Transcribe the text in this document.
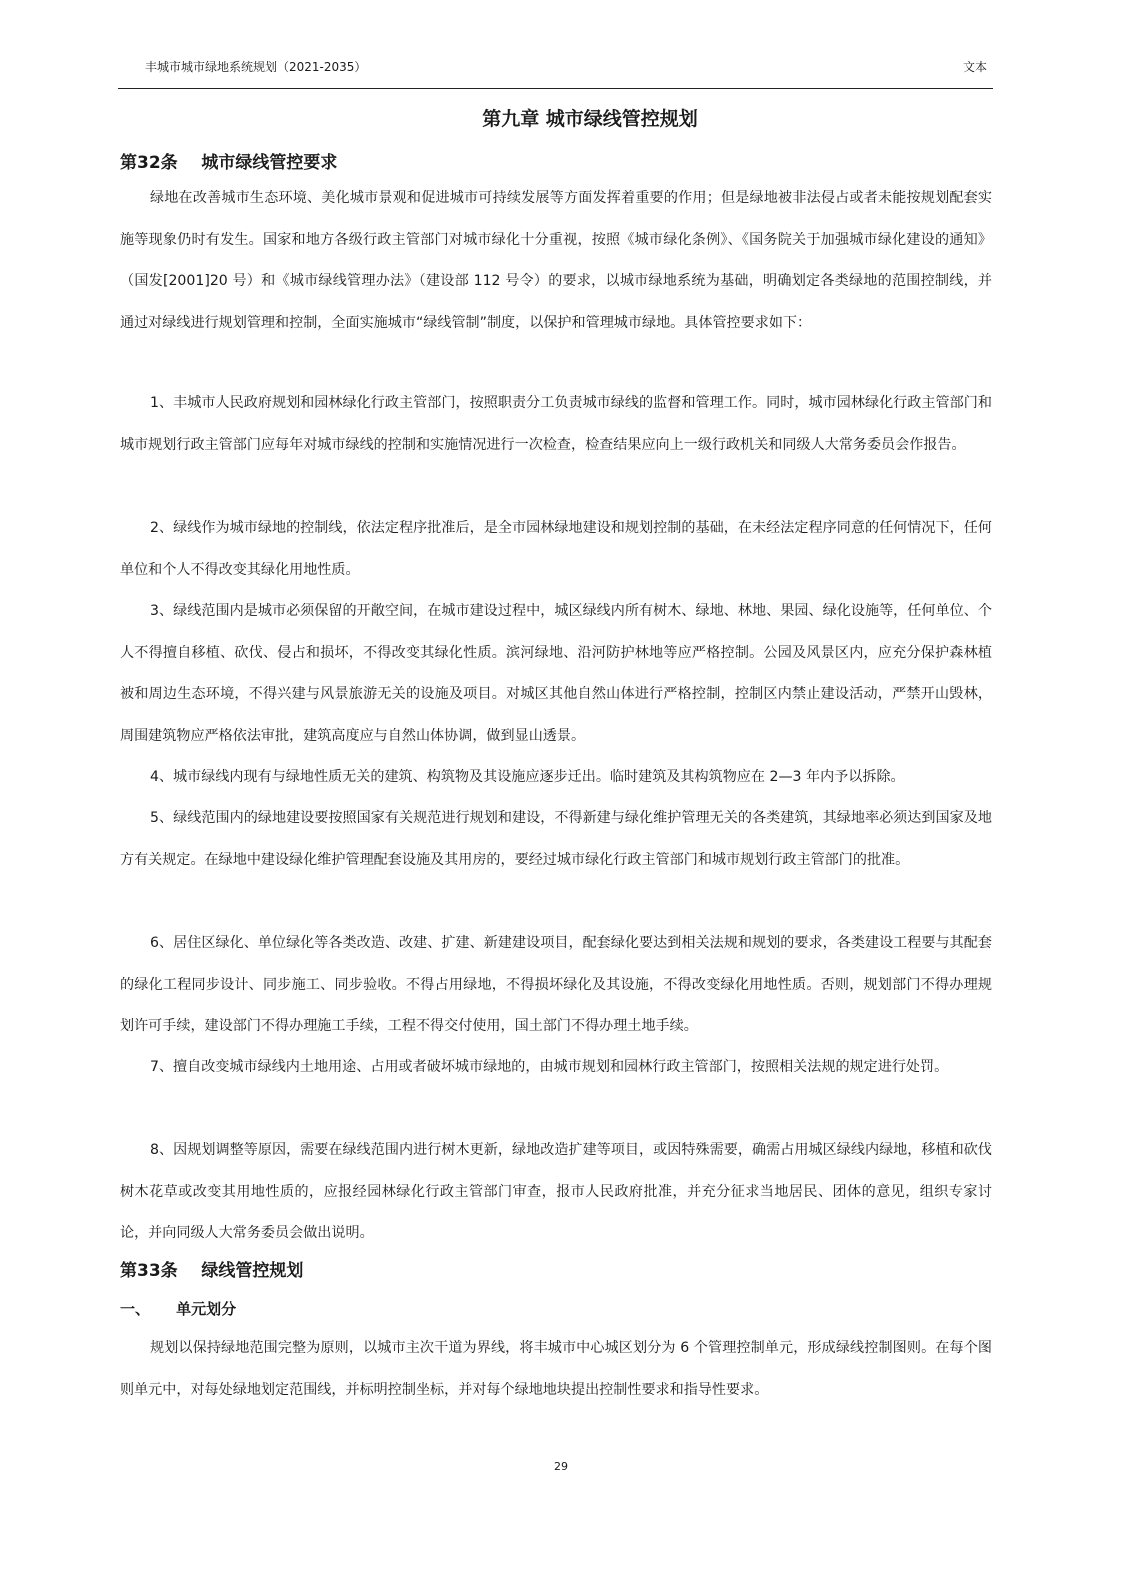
丰城市城市绿地系统规划（2021-2035）	文本
第九章 城市绿线管控规划
第32条    城市绿线管控要求

绿地在改善城市生态环境、美化城市景观和促进城市可持续发展等方面发挥着重要的作用；但是绿地被非法侵占或者未能按规划配套实施等现象仍时有发生。国家和地方各级行政主管部门对城市绿化十分重视，按照《城市绿化条例》、《国务院关于加强城市绿化建设的通知》（国发[2001]20 号）和《城市绿线管理办法》（建设部 112 号令）的要求，以城市绿地系统为基础，明确划定各类绿地的范围控制线，并通过对绿线进行规划管理和控制，全面实施城市“绿线管制”制度，以保护和管理城市绿地。具体管控要求如下：

1、丰城市人民政府规划和园林绿化行政主管部门，按照职责分工负责城市绿线的监督和管理工作。同时，城市园林绿化行政主管部门和城市规划行政主管部门应每年对城市绿线的控制和实施情况进行一次检查，检查结果应向上一级行政机关和同级人大常务委员会作报告。

2、绿线作为城市绿地的控制线，依法定程序批准后，是全市园林绿地建设和规划控制的基础，在未经法定程序同意的任何情况下，任何单位和个人不得改变其绿化用地性质。

3、绿线范围内是城市必须保留的开敞空间，在城市建设过程中，城区绿线内所有树木、绿地、林地、果园、绿化设施等，任何单位、个人不得擅自移植、砍伐、侵占和损坏，不得改变其绿化性质。滨河绿地、沿河防护林地等应严格控制。公园及风景区内，应充分保护森林植被和周边生态环境，不得兴建与风景旅游无关的设施及项目。对城区其他自然山体进行严格控制，控制区内禁止建设活动，严禁开山毁林，周围建筑物应严格依法审批，建筑高度应与自然山体协调，做到显山透景。

4、城市绿线内现有与绿地性质无关的建筑、构筑物及其设施应逐步迁出。临时建筑及其构筑物应在 2—3 年内予以拆除。

5、绿线范围内的绿地建设要按照国家有关规范进行规划和建设，不得新建与绿化维护管理无关的各类建筑，其绿地率必须达到国家及地方有关规定。在绿地中建设绿化维护管理配套设施及其用房的，要经过城市绿化行政主管部门和城市规划行政主管部门的批准。

6、居住区绿化、单位绿化等各类改造、改建、扩建、新建建设项目，配套绿化要达到相关法规和规划的要求，各类建设工程要与其配套的绿化工程同步设计、同步施工、同步验收。不得占用绿地，不得损坏绿化及其设施，不得改变绿化用地性质。否则，规划部门不得办理规划许可手续，建设部门不得办理施工手续，工程不得交付使用，国土部门不得办理土地手续。

7、擅自改变城市绿线内土地用途、占用或者破坏城市绿地的，由城市规划和园林行政主管部门，按照相关法规的规定进行处罚。

8、因规划调整等原因，需要在绿线范围内进行树木更新，绿地改造扩建等项目，或因特殊需要，确需占用城区绿线内绿地，移植和砍伐树木花草或改变其用地性质的，应报经园林绿化行政主管部门审查，报市人民政府批准，并充分征求当地居民、团体的意见，组织专家讨论，并向同级人大常务委员会做出说明。

第33条    绿线管控规划
一、     单元划分

规划以保持绿地范围完整为原则，以城市主次干道为界线，将丰城市中心城区划分为 6 个管理控制单元，形成绿线控制图则。在每个图则单元中，对每处绿地划定范围线，并标明控制坐标，并对每个绿地地块提出控制性要求和指导性要求。

29
